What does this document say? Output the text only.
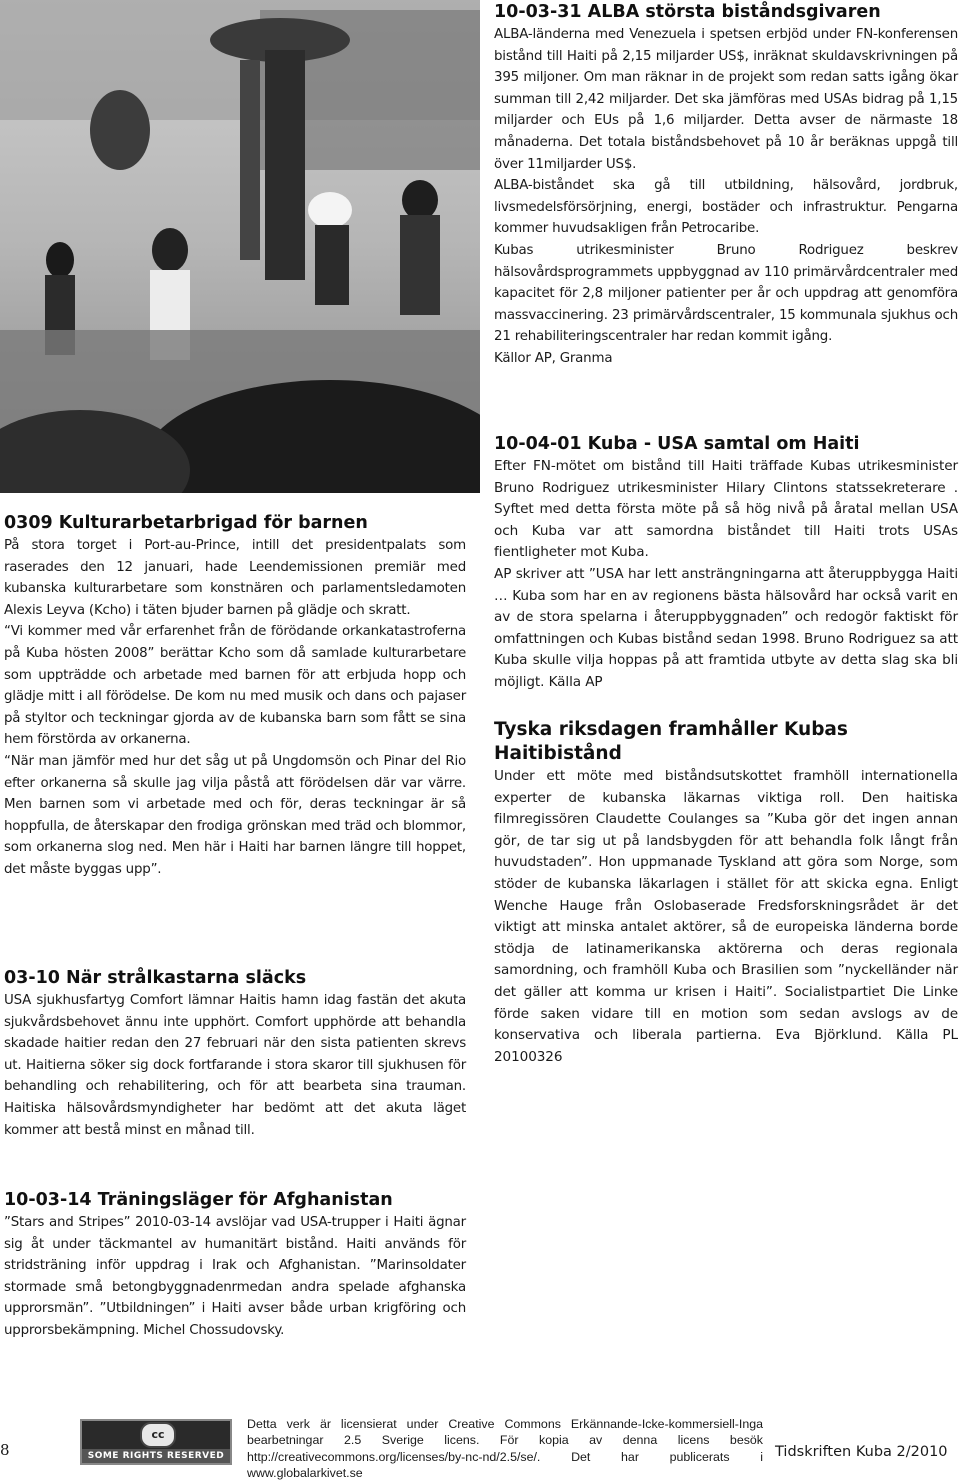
10-03-31 ALBA största biståndsgivaren

ALBA-länderna med Venezuela i spetsen erbjöd under FN-konferensen bistånd till Haiti på 2,15 miljarder US$, inräknat skuldavskrivningen på 395 miljoner. Om man räknar in de projekt som redan satts igång ökar summan till 2,42 miljarder. Det ska jämföras med USAs bidrag på 1,15 miljarder och EUs på 1,6 miljarder. Detta avser de närmaste 18 månaderna. Det totala biståndsbehovet på 10 år beräknas uppgå till över 11miljarder US$.

ALBA-biståndet ska gå till utbildning, hälsovård, jordbruk, livsmedelsförsörjning, energi, bostäder och infrastruktur. Pengarna kommer huvudsakligen från Petrocaribe.

Kubas utrikesminister Bruno Rodriguez beskrev hälsovårdsprogrammets uppbyggnad av 110 primärvårdcentraler med kapacitet för 2,8 miljoner patienter per år och uppdrag att genomföra massvaccinering. 23 primärvårdscentraler, 15 kommunala sjukhus och 21 rehabiliteringscentraler har redan kommit igång.

Källor AP, Granma

10-04-01 Kuba - USA samtal om Haiti

Efter FN-mötet om bistånd till Haiti träffade Kubas utrikesminister Bruno Rodriguez utrikesminister Hilary Clintons statssekreterare . Syftet med detta första möte på så hög nivå på åratal mellan USA och Kuba var att samordna biståndet till Haiti trots USAs fientligheter mot Kuba.

AP skriver att ”USA har lett ansträngningarna att återuppbygga Haiti … Kuba som har en av regionens bästa hälsovård har också varit en av de stora spelarna i återuppbyggnaden” och redogör faktiskt för omfattningen och Kubas bistånd sedan 1998. Bruno Rodriguez sa att Kuba skulle vilja hoppas på att framtida utbyte av detta slag ska bli möjligt. Källa AP

Tyska riksdagen framhåller Kubas Haitibistånd

Under ett möte med biståndsutskottet framhöll internationella experter de kubanska läkarnas viktiga roll. Den haitiska filmregissören Claudette Coulanges sa ”Kuba gör det ingen annan gör, de tar sig ut på landsbygden för att behandla folk långt från huvudstaden”. Hon uppmanade Tyskland att göra som Norge, som stöder de kubanska läkarlagen i stället för att skicka egna. Enligt Wenche Hauge från Oslobaserade Fredsforskningsrådet är det viktigt att minska antalet aktörer, så de europeiska länderna borde stödja de latinamerikanska aktörerna och deras regionala samordning, och framhöll Kuba och Brasilien som ”nyckelländer när det gäller att komma ur krisen i Haiti”. Socialistpartiet Die Linke förde saken vidare till en motion som sedan avslogs av de konservativa och liberala partierna. Eva Björklund. Källa PL 20100326

0309 Kulturarbetarbrigad för barnen

På stora torget i Port-au-Prince, intill det presidentpalats som raserades den 12 januari, hade Leendemissionen premiär med kubanska kulturarbetare som konstnären och parlamentsledamoten Alexis Leyva (Kcho) i täten bjuder barnen på glädje och skratt.

“Vi kommer med vår erfarenhet från de förödande orkankatastroferna på Kuba hösten 2008” berättar Kcho som då samlade kulturarbetare som uppträdde och arbetade med barnen för att erbjuda hopp och glädje mitt i all förödelse. De kom nu med musik och dans och pajaser på styltor och teckningar gjorda av de kubanska barn som fått se sina hem förstörda av orkanerna.

“När man jämför med hur det såg ut på Ungdomsön och Pinar del Rio efter orkanerna så skulle jag vilja påstå att förödelsen där var värre. Men barnen som vi arbetade med och för, deras teckningar är så hoppfulla, de återskapar den frodiga grönskan med träd och blommor, som orkanerna slog ned. Men här i Haiti har barnen längre till hoppet, det måste byggas upp”.

03-10 När strålkastarna släcks

USA sjukhusfartyg Comfort lämnar Haitis hamn idag fastän det akuta sjukvårdsbehovet ännu inte upphört. Comfort upphörde att behandla skadade haitier redan den 27 februari när den sista patienten skrevs ut. Haitierna söker sig dock fortfarande i stora skaror till sjukhusen för behandling och rehabilitering, och för att bearbeta sina trauman. Haitiska hälsovårdsmyndigheter har bedömt att det akuta läget kommer att bestå minst en månad till.

10-03-14 Träningsläger för Afghanistan

”Stars and Stripes” 2010-03-14 avslöjar vad USA-trupper i Haiti ägnar sig åt under täckmantel av humanitärt bistånd. Haiti används för stridsträning inför uppdrag i Irak och Afghanistan. ”Marinsoldater stormade små betongbyggnadenrmedan andra spelade afghanska upprorsmän”. ”Utbildningen” i Haiti avser både urban krigföring och upprorsbekämpning. Michel Chossudovsky.

8
cc
SOME RIGHTS RESERVED
Detta verk är licensierat under Creative Commons Erkännande-Icke-kommersiell-Inga bearbetningar 2.5 Sverige licens. För kopia av denna licens besök http://creativecommons.org/licenses/by-nc-nd/2.5/se/. Det har publicerats i www.globalarkivet.se
Tidskriften Kuba 2/2010
